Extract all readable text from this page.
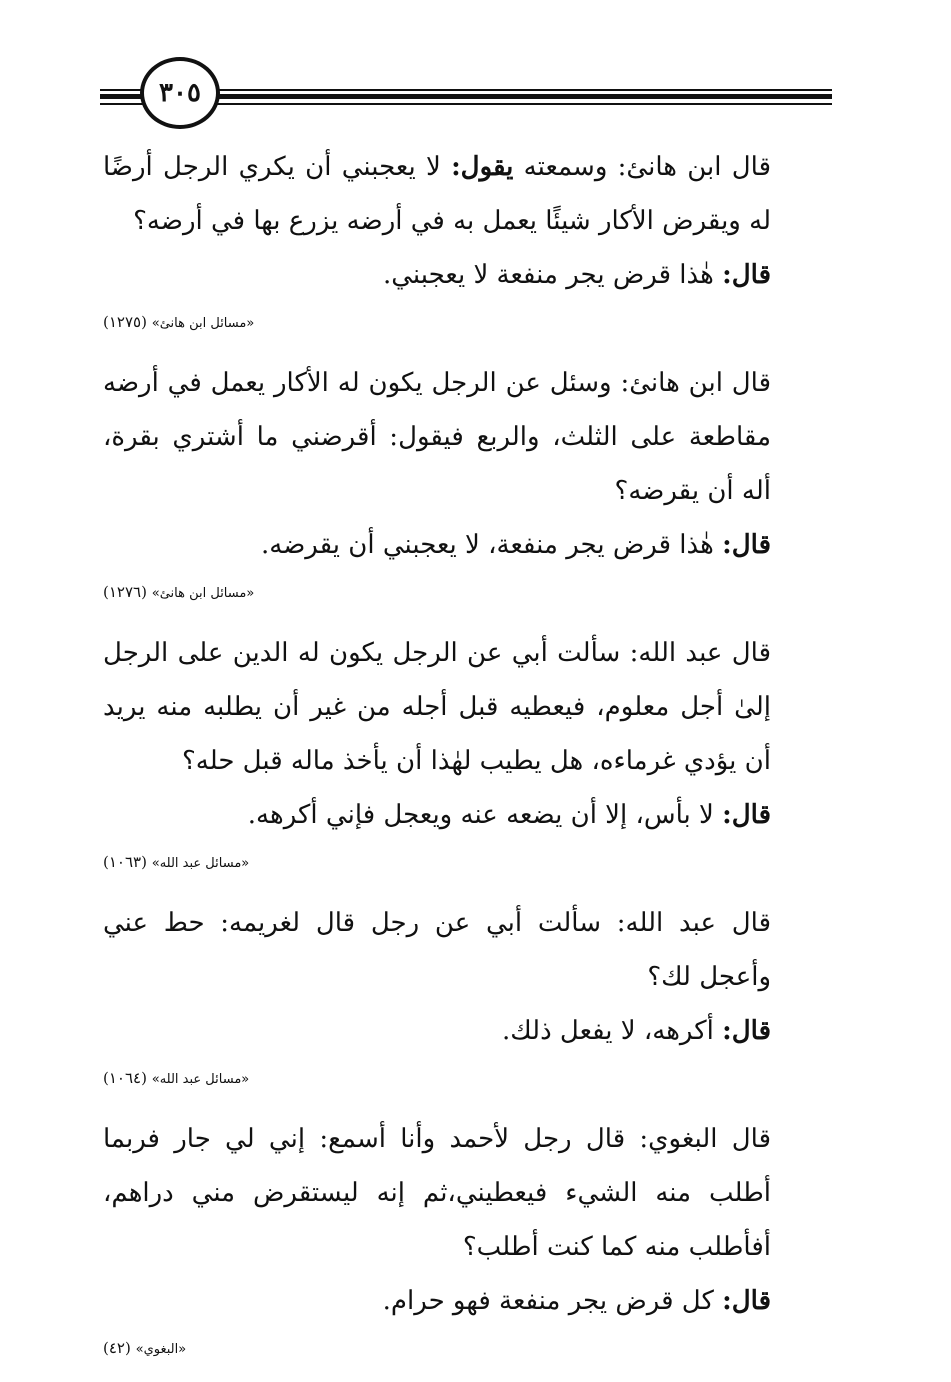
٣٠٥

قال ابن هانئ: وسمعته يقول: لا يعجبني أن يكري الرجل أرضًا له ويقرض الأكار شيئًا يعمل به في أرضه يزرع بها في أرضه؟

قال: هٰذا قرض يجر منفعة لا يعجبني.

«مسائل ابن هانئ» (١٢٧٥)

قال ابن هانئ: وسئل عن الرجل يكون له الأكار يعمل في أرضه مقاطعة على الثلث، والربع فيقول: أقرضني ما أشتري بقرة، أله أن يقرضه؟

قال: هٰذا قرض يجر منفعة، لا يعجبني أن يقرضه.

«مسائل ابن هانئ» (١٢٧٦)

قال عبد الله: سألت أبي عن الرجل يكون له الدين على الرجل إلىٰ أجل معلوم، فيعطيه قبل أجله من غير أن يطلبه منه يريد أن يؤدي غرماءه، هل يطيب لهٰذا أن يأخذ ماله قبل حله؟

قال: لا بأس، إلا أن يضعه عنه ويعجل فإني أكرهه.

«مسائل عبد الله» (١٠٦٣)

قال عبد الله: سألت أبي عن رجل قال لغريمه: حط عني وأعجل لك؟

قال: أكرهه، لا يفعل ذلك.

«مسائل عبد الله» (١٠٦٤)

قال البغوي: قال رجل لأحمد وأنا أسمع: إني لي جار فربما أطلب منه الشيء فيعطيني،ثم إنه ليستقرض مني دراهم، أفأطلب منه كما كنت أطلب؟

قال: كل قرض يجر منفعة فهو حرام.

«البغوي» (٤٢)
